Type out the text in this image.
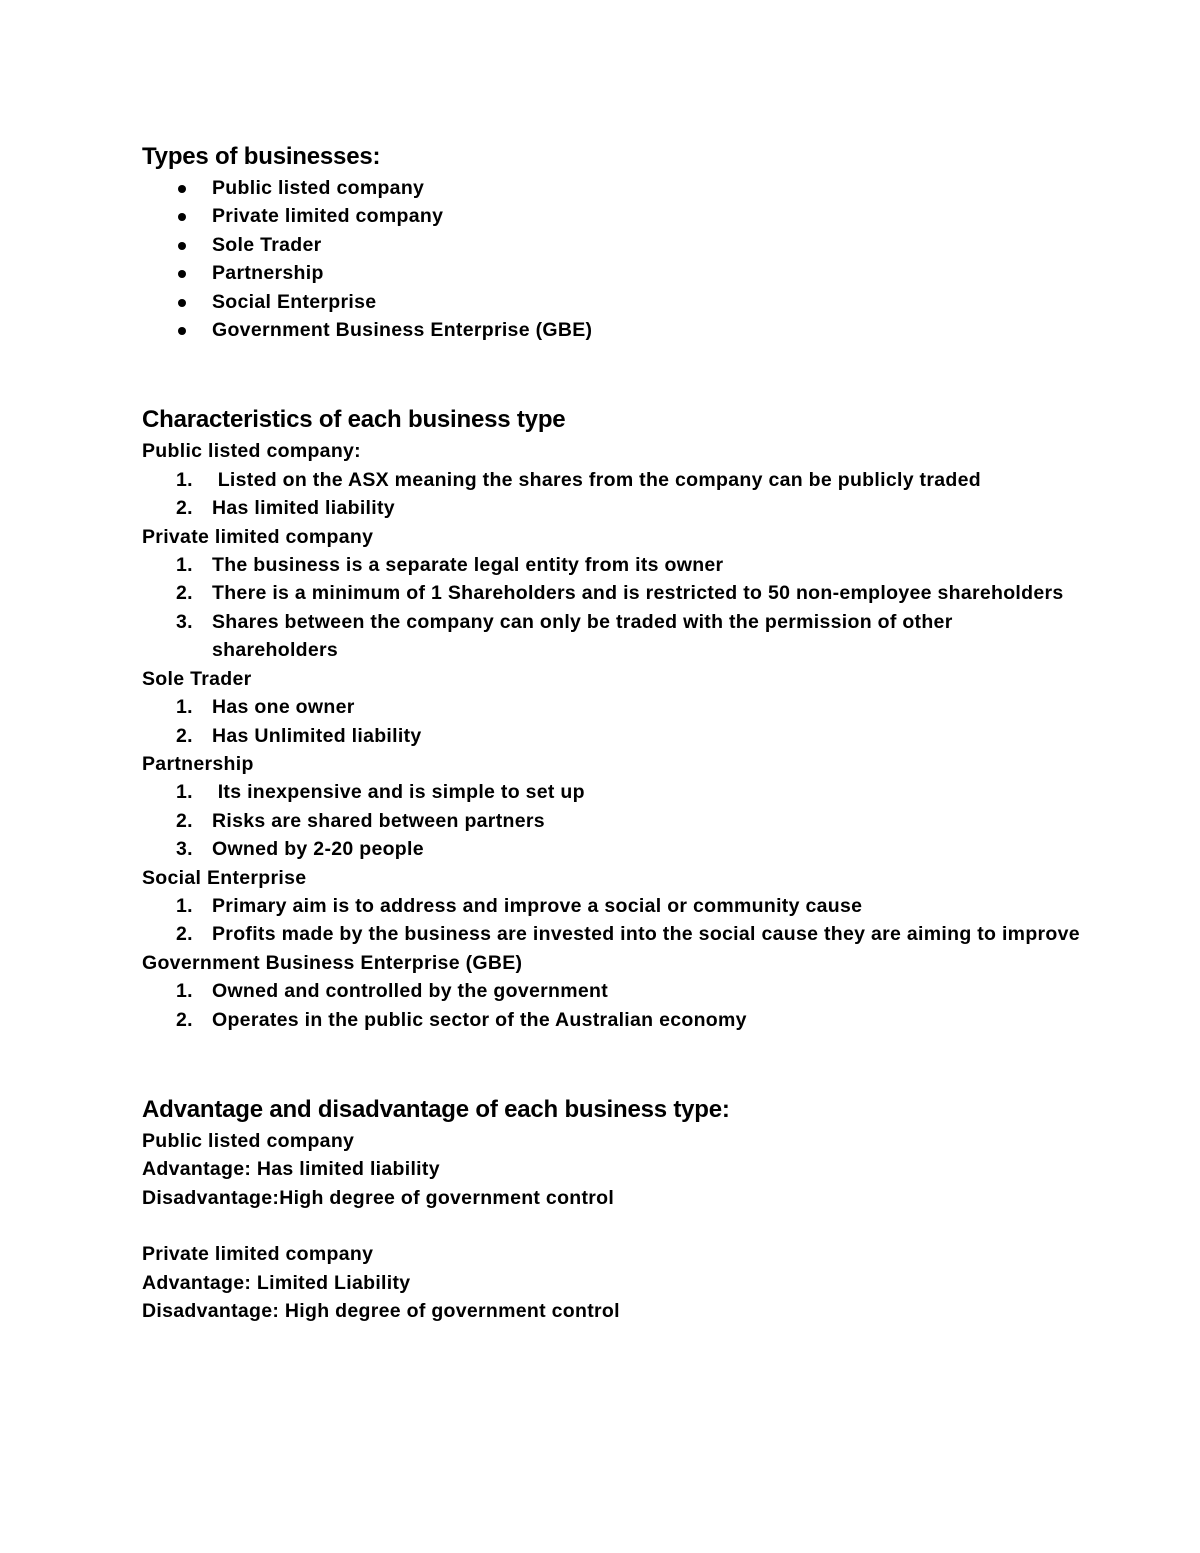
Types of businesses:
Public listed company
Private limited company
Sole Trader
Partnership
Social Enterprise
Government Business Enterprise (GBE)
Characteristics of each business type
Public listed company:
1. Listed on the ASX meaning the shares from the company can be publicly traded
2. Has limited liability
Private limited company
1. The business is a separate legal entity from its owner
2. There is a minimum of 1 Shareholders and is restricted to 50 non-employee shareholders
3. Shares between the company can only be traded with the permission of other shareholders
Sole Trader
1. Has one owner
2. Has Unlimited liability
Partnership
1. Its inexpensive and is simple to set up
2. Risks are shared between partners
3. Owned by 2-20 people
Social Enterprise
1. Primary aim is to address and improve a social or community cause
2. Profits made by the business are invested into the social cause they are aiming to improve
Government Business Enterprise (GBE)
1. Owned and controlled by the government
2. Operates in the public sector of the Australian economy
Advantage and disadvantage of each business type:
Public listed company
Advantage: Has limited liability
Disadvantage:High degree of government control
Private limited company
Advantage: Limited Liability
Disadvantage: High degree of government control
